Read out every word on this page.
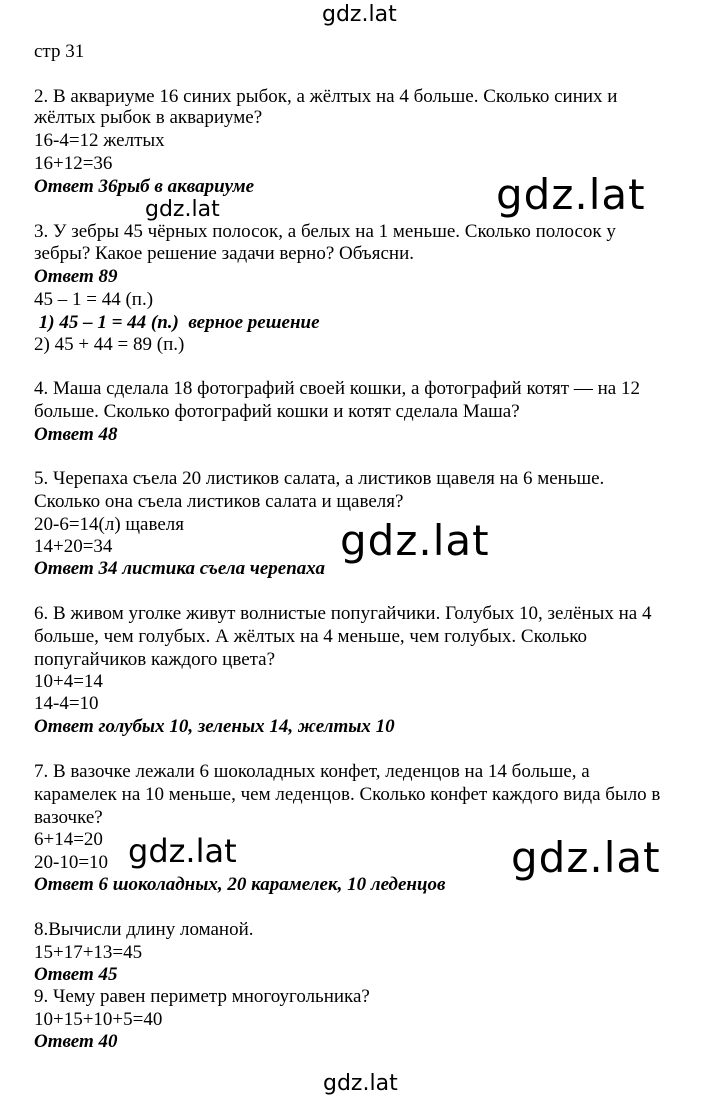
gdz.lat
gdz.lat
gdz.lat
gdz.lat
gdz.lat
gdz.lat
gdz.lat
стр 31
2. В аквариуме 16 синих рыбок, а жёлтых на 4 больше. Сколько синих и
жёлтых рыбок в аквариуме?
16-4=12 желтых
16+12=36
Ответ 36рыб в аквариуме
3. У зебры 45 чёрных полосок, а белых на 1 меньше. Сколько полосок у
зебры? Какое решение задачи верно? Объясни.
Ответ 89
45 – 1 = 44 (п.)
1) 45 – 1 = 44 (п.)  верное решение
2) 45 + 44 = 89 (п.)
4. Маша сделала 18 фотографий своей кошки, а фотографий котят — на 12
больше. Сколько фотографий кошки и котят сделала Маша?
Ответ 48
5. Черепаха съела 20 листиков салата, а листиков щавеля на 6 меньше.
Сколько она съела листиков салата и щавеля?
20-6=14(л) щавеля
14+20=34
Ответ 34 листика съела черепаха
6. В живом уголке живут волнистые попугайчики. Голубых 10, зелёных на 4
больше, чем голубых. А жёлтых на 4 меньше, чем голубых. Сколько
попугайчиков каждого цвета?
10+4=14
14-4=10
Ответ голубых 10, зеленых 14, желтых 10
7. В вазочке лежали 6 шоколадных конфет, леденцов на 14 больше, а
карамелек на 10 меньше, чем леденцов. Сколько конфет каждого вида было в
вазочке?
6+14=20
20-10=10
Ответ 6 шоколадных, 20 карамелек, 10 леденцов
8.Вычисли длину ломаной.
15+17+13=45
Ответ 45
9. Чему равен периметр многоугольника?
10+15+10+5=40
Ответ 40
